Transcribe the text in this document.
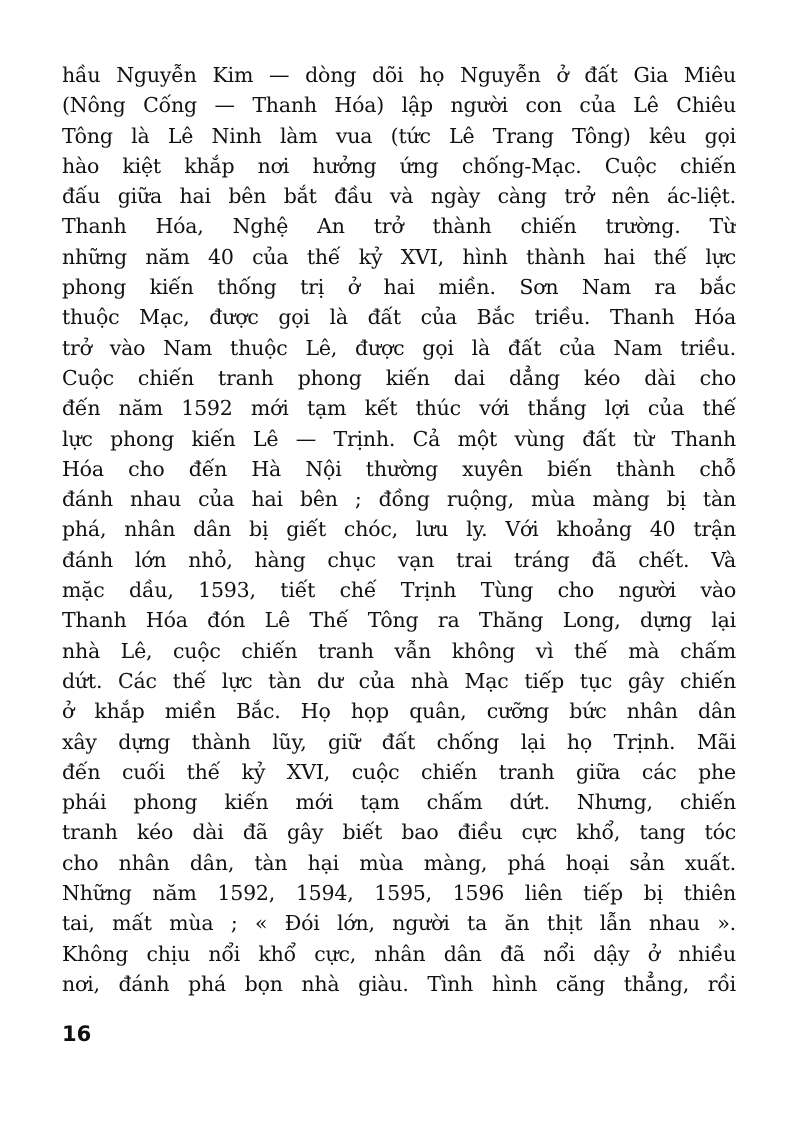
hầu Nguyễn Kim — dòng dõi họ Nguyễn ở đất Gia Miêu
(Nông Cống — Thanh Hóa) lập người con của Lê Chiêu
Tông là Lê Ninh làm vua (tức Lê Trang Tông) kêu gọi
hào kiệt khắp nơi hưởng ứng chống-Mạc. Cuộc chiến
đấu giữa hai bên bắt đầu và ngày càng trở nên ác-liệt.
Thanh Hóa, Nghệ An trở thành chiến trường. Từ
những năm 40 của thế kỷ XVI, hình thành hai thế lực
phong kiến thống trị ở hai miền. Sơn Nam ra bắc
thuộc Mạc, được gọi là đất của Bắc triều. Thanh Hóa
trở vào Nam thuộc Lê, được gọi là đất của Nam triều.
Cuộc chiến tranh phong kiến dai dẳng kéo dài cho
đến năm 1592 mới tạm kết thúc với thắng lợi của thế
lực phong kiến Lê — Trịnh. Cả một vùng đất từ Thanh
Hóa cho đến Hà Nội thường xuyên biến thành chỗ
đánh nhau của hai bên ; đồng ruộng, mùa màng bị tàn
phá, nhân dân bị giết chóc, lưu ly. Với khoảng 40 trận
đánh lớn nhỏ, hàng chục vạn trai tráng đã chết. Và
mặc dầu, 1593, tiết chế Trịnh Tùng cho người vào
Thanh Hóa đón Lê Thế Tông ra Thăng Long, dựng lại
nhà Lê, cuộc chiến tranh vẫn không vì thế mà chấm
dứt. Các thế lực tàn dư của nhà Mạc tiếp tục gây chiến
ở khắp miền Bắc. Họ họp quân, cưỡng bức nhân dân
xây dựng thành lũy, giữ đất chống lại họ Trịnh. Mãi
đến cuối thế kỷ XVI, cuộc chiến tranh giữa các phe
phái phong kiến mới tạm chấm dứt. Nhưng, chiến
tranh kéo dài đã gây biết bao điều cực khổ, tang tóc
cho nhân dân, tàn hại mùa màng, phá hoại sản xuất.
Những năm 1592, 1594, 1595, 1596 liên tiếp bị thiên
tai, mất mùa ; « Đói lớn, người ta ăn thịt lẫn nhau ».
Không chịu nổi khổ cực, nhân dân đã nổi dậy ở nhiều
nơi, đánh phá bọn nhà giàu. Tình hình căng thẳng, rồi
16
